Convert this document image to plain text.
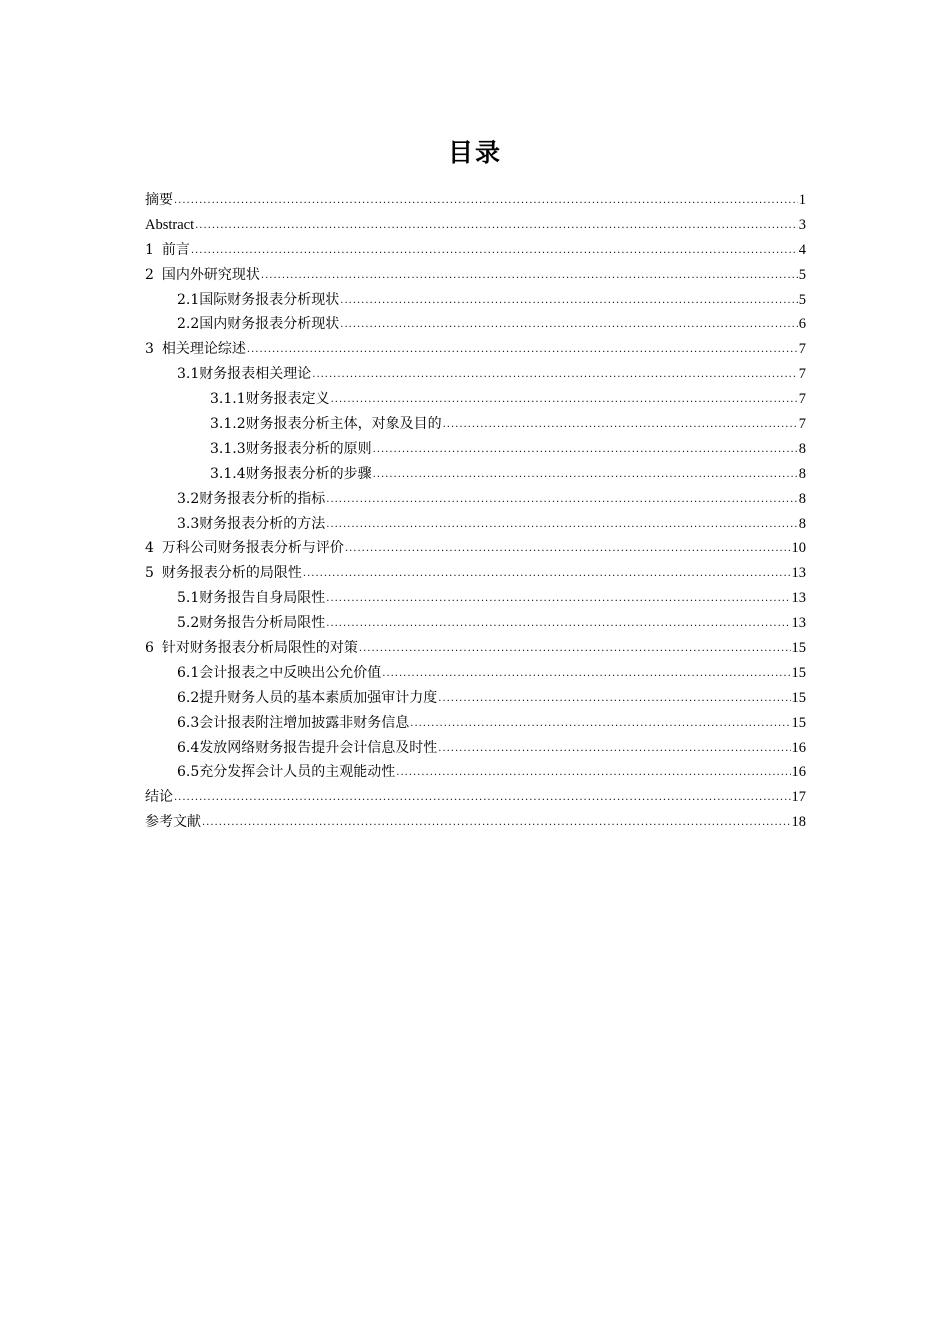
目录
摘要 .....	1
Abstract .....	3
1 前言 .....	4
2 国内外研究现状 .....	5
2.1国际财务报表分析现状 .....	5
2.2国内财务报表分析现状 .....	6
3 相关理论综述 .....	7
3.1财务报表相关理论 .....	7
3.1.1财务报表定义 .....	7
3.1.2财务报表分析主体，对象及目的 .....	7
3.1.3财务报表分析的原则 .....	8
3.1.4财务报表分析的步骤 .....	8
3.2财务报表分析的指标 .....	8
3.3财务报表分析的方法 .....	8
4 万科公司财务报表分析与评价 .....	10
5 财务报表分析的局限性 .....	13
5.1财务报告自身局限性 .....	13
5.2财务报告分析局限性 .....	13
6 针对财务报表分析局限性的对策 .....	15
6.1会计报表之中反映出公允价值 .....	15
6.2提升财务人员的基本素质加强审计力度 .....	15
6.3会计报表附注增加披露非财务信息 .....	15
6.4发放网络财务报告提升会计信息及时性 .....	16
6.5充分发挥会计人员的主观能动性 .....	16
结论 .....	17
参考文献 .....	18
